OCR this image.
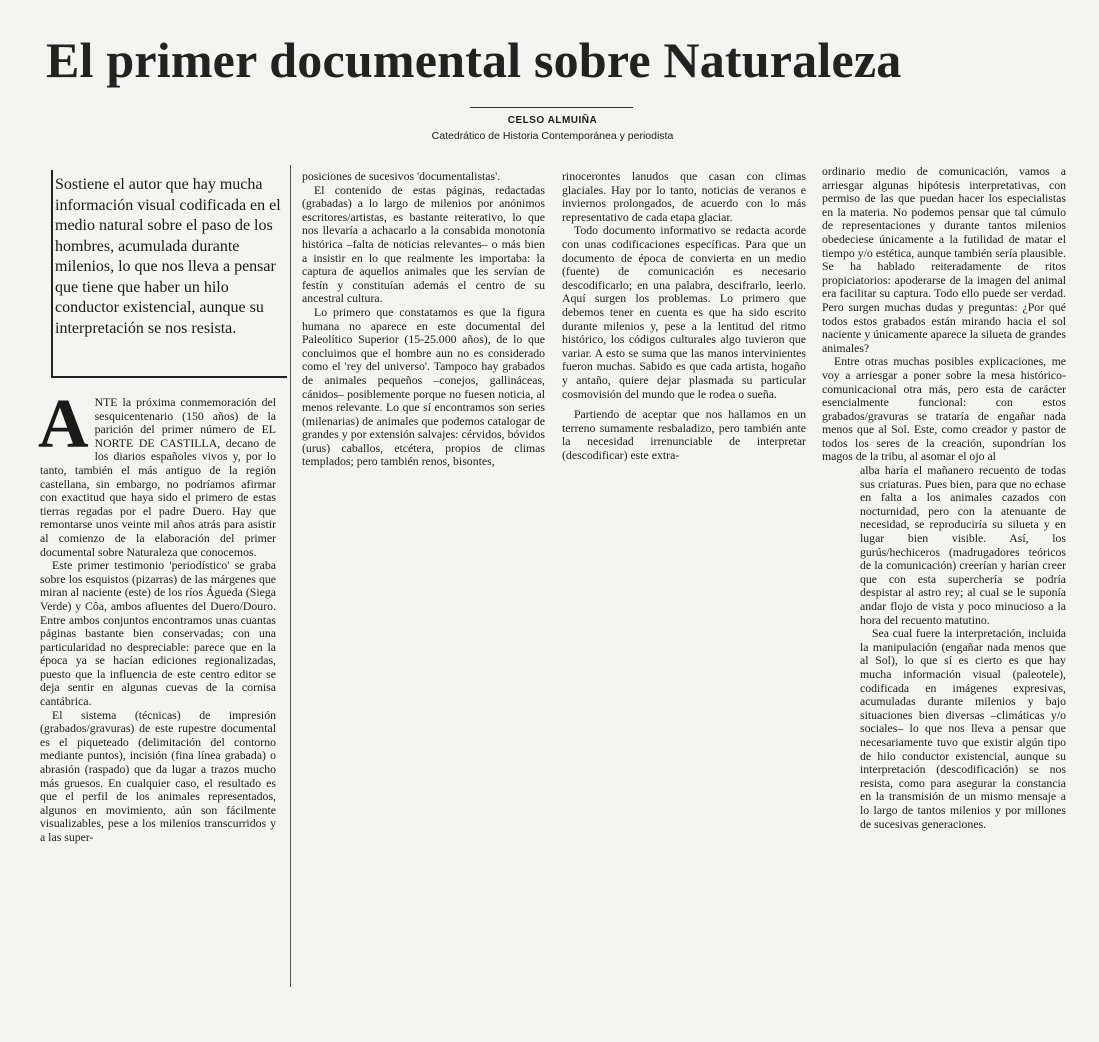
El primer documental sobre Naturaleza
CELSO ALMUIÑA
Catedrático de Historia Contemporánea y periodista
Sostiene el autor que hay mucha información visual codificada en el medio natural sobre el paso de los hombres, acumulada durante milenios, lo que nos lleva a pensar que tiene que haber un hilo conductor existencial, aunque su interpretación se nos resista.

ANTE la próxima conmemoración del sesquicentenario (150 años) de la parición del primer número de EL NORTE DE CASTILLA, decano de los diarios españoles vivos y, por lo tanto, también el más antiguo de la región castellana, sin embargo, no podríamos afirmar con exactitud que haya sido el primero de estas tierras regadas por el padre Duero. Hay que remontarse unos veinte mil años atrás para asistir al comienzo de la elaboración del primer documental sobre Naturaleza que conocemos.

Este primer testimonio 'periodístico' se graba sobre los esquistos (pizarras) de las márgenes que miran al naciente (este) de los ríos Águeda (Siega Verde) y Côa, ambos afluentes del Duero/Douro. Entre ambos conjuntos encontramos unas cuantas páginas bastante bien conservadas; con una particularidad no despreciable: parece que en la época ya se hacían ediciones regionalizadas, puesto que la influencia de este centro editor se deja sentir en algunas cuevas de la cornisa cantábrica.

El sistema (técnicas) de impresión (grabados/gravuras) de este rupestre documental es el piqueteado (delimitación del contorno mediante puntos), incisión (fina línea grabada) o abrasión (raspado) que da lugar a trazos mucho más gruesos. En cualquier caso, el resultado es que el perfil de los animales representados, algunos en movimiento, aún son fácilmente visualizables, pese a los milenios transcurridos y a las super-

posiciones de sucesivos 'documentalistas'.

El contenido de estas páginas, redactadas (grabadas) a lo largo de milenios por anónimos escritores/artistas, es bastante reiterativo, lo que nos llevaría a achacarlo a la consabida monotonía histórica –falta de noticias relevantes– o más bien a insistir en lo que realmente les importaba: la captura de aquellos animales que les servían de festín y constituían además el centro de su ancestral cultura.

Lo primero que constatamos es que la figura humana no aparece en este documental del Paleolítico Superior (15-25.000 años), de lo que concluimos que el hombre aun no es considerado como el 'rey del universo'. Tampoco hay grabados de animales pequeños –conejos, gallináceas, cánidos– posiblemente porque no fuesen noticia, al menos relevante. Lo que sí encontramos son series (milenarias) de animales que podemos catalogar de grandes y por extensión salvajes: cérvidos, bóvidos (urus) caballos, etcétera, propios de climas templados; pero también renos, bisontes,

rinocerontes lanudos que casan con climas glaciales. Hay por lo tanto, noticias de veranos e inviernos prolongados, de acuerdo con lo más representativo de cada etapa glaciar.

Todo documento informativo se redacta acorde con unas codificaciones específicas. Para que un documento de época de convierta en un medio (fuente) de comunicación es necesario descodificarlo; en una palabra, descifrarlo, leerlo. Aquí surgen los problemas. Lo primero que debemos tener en cuenta es que ha sido escrito durante milenios y, pese a la lentitud del ritmo histórico, los códigos culturales algo tuvieron que variar. A esto se suma que las manos intervinientes fueron muchas. Sabido es que cada artista, hogaño y antaño, quiere dejar plasmada su particular cosmovisión del mundo que le rodea o sueña.

Partiendo de aceptar que nos hallamos en un terreno sumamente resbaladizo, pero también ante la necesidad irrenunciable de interpretar (descodificar) este extra-

ordinario medio de comunicación, vamos a arriesgar algunas hipótesis interpretativas, con permiso de las que puedan hacer los especialistas en la materia. No podemos pensar que tal cúmulo de representaciones y durante tantos milenios obedeciese únicamente a la futilidad de matar el tiempo y/o estética, aunque también sería plausible. Se ha hablado reiteradamente de ritos propiciatorios: apoderarse de la imagen del animal era facilitar su captura. Todo ello puede ser verdad. Pero surgen muchas dudas y preguntas: ¿Por qué todos estos grabados están mirando hacia el sol naciente y únicamente aparece la silueta de grandes animales?

Entre otras muchas posibles explicaciones, me voy a arriesgar a poner sobre la mesa histórico-comunicacional otra más, pero esta de carácter esencialmente funcional: con estos grabados/gravuras se trataría de engañar nada menos que al Sol. Este, como creador y pastor de todos los seres de la creación, supondrían los magos de la tribu, al asomar el ojo al

alba haría el mañanero recuento de todas sus criaturas. Pues bien, para que no echase en falta a los animales cazados con nocturnidad, pero con la atenuante de necesidad, se reproduciría su silueta y en lugar bien visible. Así, los gurús/hechiceros (madrugadores teóricos de la comunicación) creerían y harían creer que con esta superchería se podría despistar al astro rey; al cual se le suponía andar flojo de vista y poco minucioso a la hora del recuento matutino.

Sea cual fuere la interpretación, incluida la manipulación (engañar nada menos que al Sol), lo que sí es cierto es que hay mucha información visual (paleotele), codificada en imágenes expresivas, acumuladas durante milenios y bajo situaciones bien diversas –climáticas y/o sociales– lo que nos lleva a pensar que necesariamente tuvo que existir algún tipo de hilo conductor existencial, aunque su interpretación (descodificación) se nos resista, como para asegurar la constancia en la transmisión de un mismo mensaje a lo largo de tantos milenios y por millones de sucesivas generaciones.
